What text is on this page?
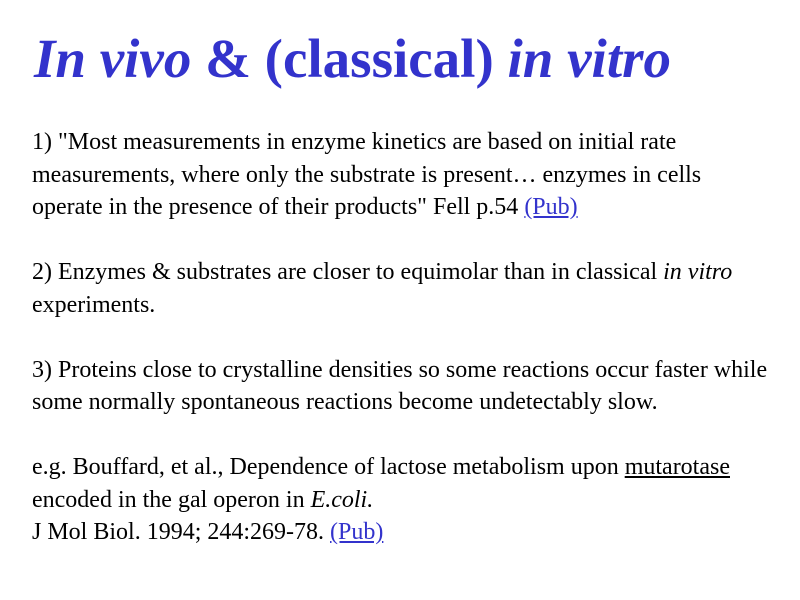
In vivo & (classical) in vitro

1) "Most measurements in enzyme kinetics are based on initial rate measurements, where only the substrate is present… enzymes in cells operate in the presence of their products" Fell p.54 (Pub)

2) Enzymes & substrates are closer to equimolar than in classical in vitro experiments.

3) Proteins close to crystalline densities so some reactions occur faster while some normally spontaneous reactions become undetectably slow.

e.g. Bouffard, et al., Dependence of lactose metabolism upon mutarotase encoded in the gal operon in E.coli.
J Mol Biol. 1994; 244:269-78. (Pub)
